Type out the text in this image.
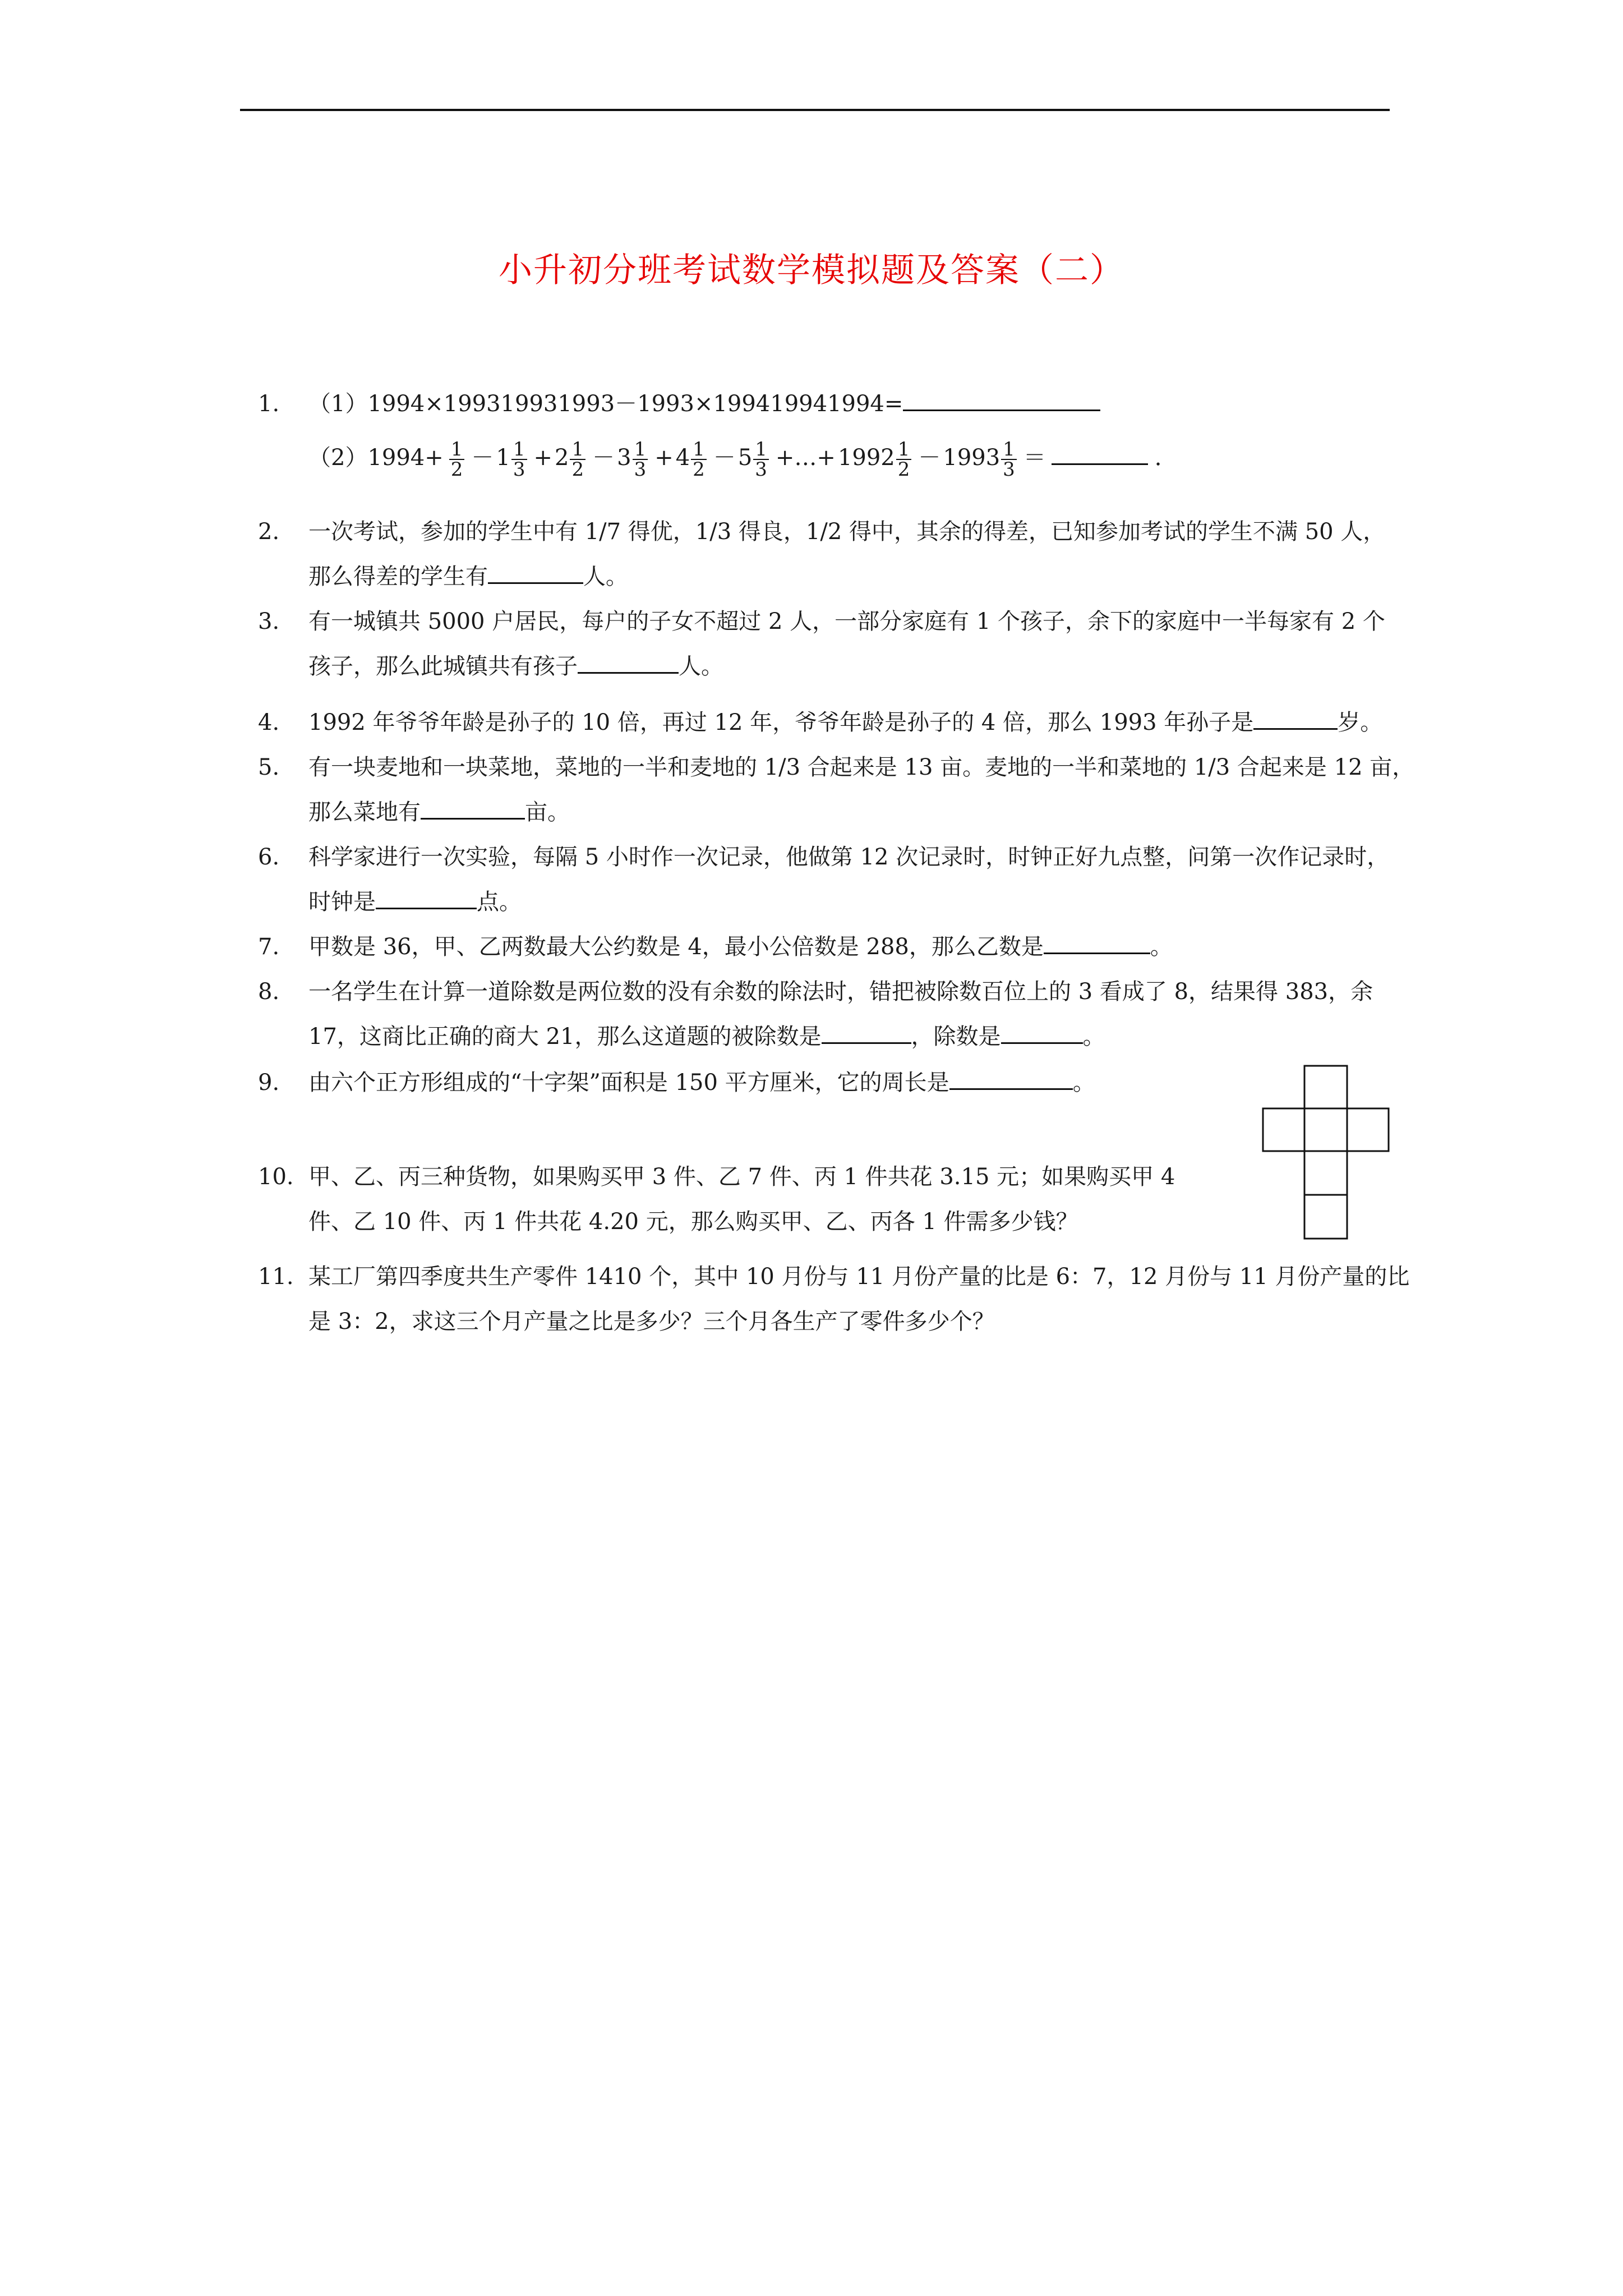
小升初分班考试数学模拟题及答案（二）
1.	（1）1994×199319931993－1993×199419941994=
$(2)1994+ \frac{1}{2} - 1 \frac{1}{3} + 2 \frac{1}{2} - 3 \frac{1}{3} + 4 \frac{1}{2} - 5 \frac{1}{3}$ +…+ $1992 \frac{1}{2} - 1993 \frac{1}{3}$ ＝	．
2.	一次考试，参加的学生中有 1/7 得优，1/3 得良，1/2 得中，其余的得差，已知参加考试的学生不满 50 人，
那么得差的学生有	人。
3.	有一城镇共 5000 户居民，每户的子女不超过 2 人，一部分家庭有 1 个孩子，余下的家庭中一半每家有 2 个
孩子，那么此城镇共有孩子	人。
4.	1992 年爷爷年龄是孙子的 10 倍，再过 12 年，爷爷年龄是孙子的 4 倍，那么 1993 年孙子是	岁。
5.	有一块麦地和一块菜地，菜地的一半和麦地的 1/3 合起来是 13 亩。麦地的一半和菜地的 1/3 合起来是 12 亩，
那么菜地有	亩。
6.	科学家进行一次实验，每隔 5 小时作一次记录，他做第 12 次记录时，时钟正好九点整，问第一次作记录时，
时钟是	点。
7.	甲数是 36，甲、乙两数最大公约数是 4，最小公倍数是 288，那么乙数是	。
8.	一名学生在计算一道除数是两位数的没有余数的除法时，错把被除数百位上的 3 看成了 8，结果得 383，余
17，这商比正确的商大 21，那么这道题的被除数是	，除数是	。
9.	由六个正方形组成的“十字架”面积是 150 平方厘米，它的周长是	。
10. 甲、乙、丙三种货物，如果购买甲 3 件、乙 7 件、丙 1 件共花 3.15 元；如果购买甲 4
件、乙 10 件、丙 1 件共花 4.20 元，那么购买甲、乙、丙各 1 件需多少钱？
11. 某工厂第四季度共生产零件 1410 个，其中 10 月份与 11 月份产量的比是 6：7，12 月份与 11 月份产量的比
是 3：2，求这三个月产量之比是多少？三个月各生产了零件多少个？
